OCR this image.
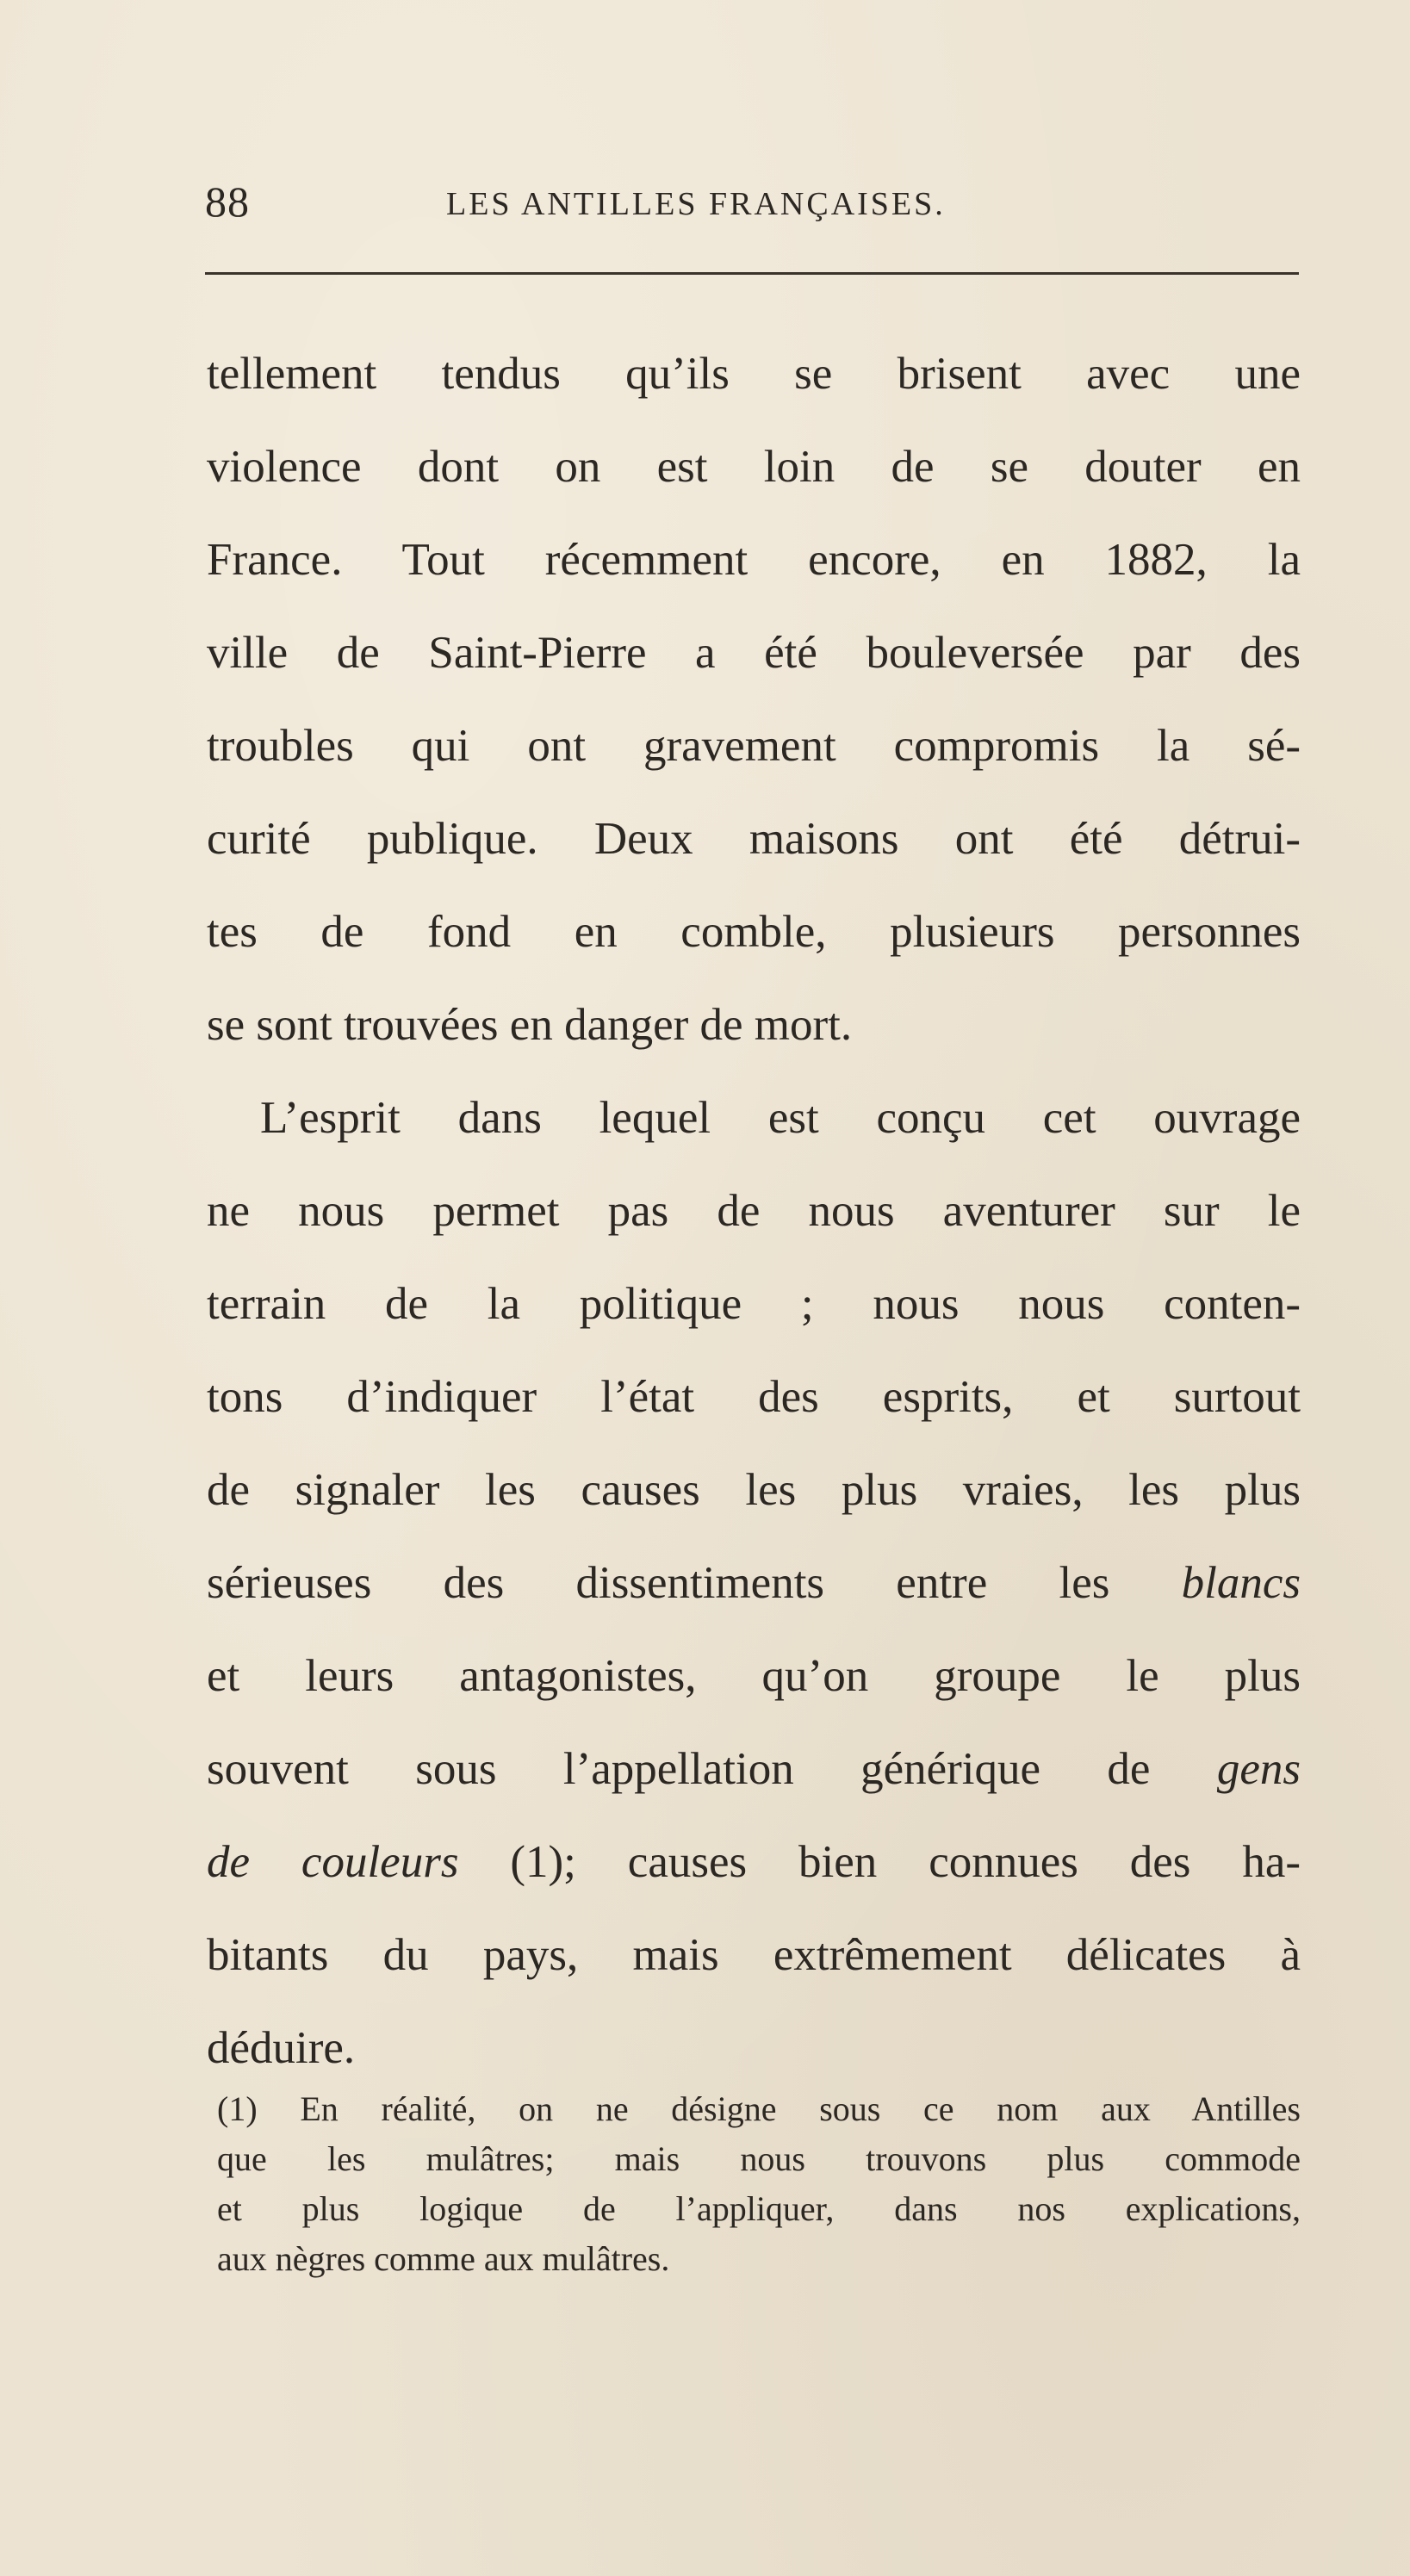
88	LES ANTILLES FRANÇAISES.
tellement tendus qu’ils se brisent avec une
violence dont on est loin de se douter en
France. Tout récemment encore, en 1882, la
ville de Saint-Pierre a été bouleversée par des
troubles qui ont gravement compromis la sé-
curité publique. Deux maisons ont été détrui-
tes de fond en comble, plusieurs personnes
se sont trouvées en danger de mort.
L’esprit dans lequel est conçu cet ouvrage
ne nous permet pas de nous aventurer sur le
terrain de la politique ; nous nous conten-
tons d’indiquer l’état des esprits, et surtout
de signaler les causes les plus vraies, les plus
sérieuses des dissentiments entre les blancs
et leurs antagonistes, qu’on groupe le plus
souvent sous l’appellation générique de gens
de couleurs (1); causes bien connues des ha-
bitants du pays, mais extrêmement délicates à
déduire.
(1) En réalité, on ne désigne sous ce nom aux Antilles
que les mulâtres; mais nous trouvons plus commode
et plus logique de l’appliquer, dans nos explications,
aux nègres comme aux mulâtres.
